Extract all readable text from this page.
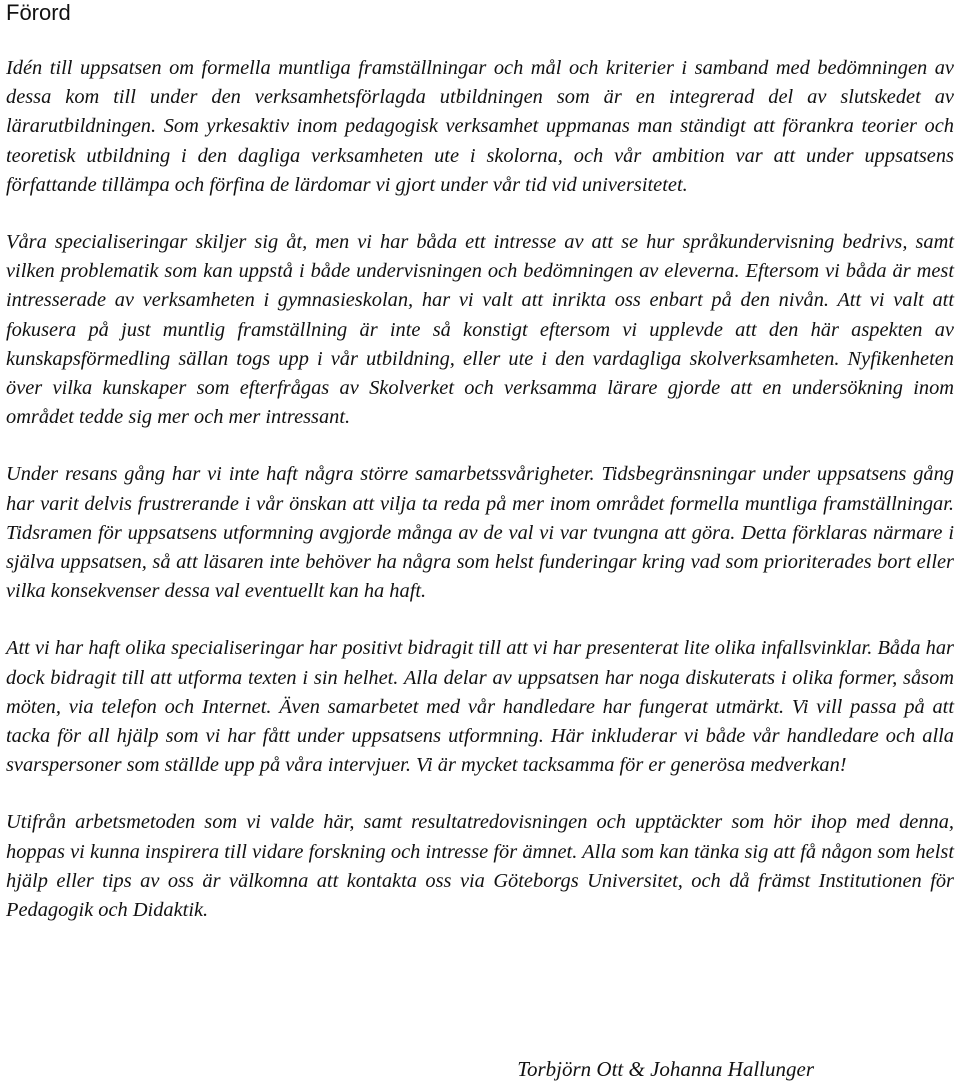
Förord

Idén till uppsatsen om formella muntliga framställningar och mål och kriterier i samband med bedömningen av dessa kom till under den verksamhetsförlagda utbildningen som är en integrerad del av slutskedet av lärarutbildningen. Som yrkesaktiv inom pedagogisk verksamhet uppmanas man ständigt att förankra teorier och teoretisk utbildning i den dagliga verksamheten ute i skolorna, och vår ambition var att under uppsatsens författande tillämpa och förfina de lärdomar vi gjort under vår tid vid universitetet.

Våra specialiseringar skiljer sig åt, men vi har båda ett intresse av att se hur språkundervisning bedrivs, samt vilken problematik som kan uppstå i både undervisningen och bedömningen av eleverna. Eftersom vi båda är mest intresserade av verksamheten i gymnasieskolan, har vi valt att inrikta oss enbart på den nivån. Att vi valt att fokusera på just muntlig framställning är inte så konstigt eftersom vi upplevde att den här aspekten av kunskapsförmedling sällan togs upp i vår utbildning, eller ute i den vardagliga skolverksamheten. Nyfikenheten över vilka kunskaper som efterfrågas av Skolverket och verksamma lärare gjorde att en undersökning inom området tedde sig mer och mer intressant.

Under resans gång har vi inte haft några större samarbetssvårigheter. Tidsbegränsningar under uppsatsens gång har varit delvis frustrerande i vår önskan att vilja ta reda på mer inom området formella muntliga framställningar. Tidsramen för uppsatsens utformning avgjorde många av de val vi var tvungna att göra. Detta förklaras närmare i själva uppsatsen, så att läsaren inte behöver ha några som helst funderingar kring vad som prioriterades bort eller vilka konsekvenser dessa val eventuellt kan ha haft.

Att vi har haft olika specialiseringar har positivt bidragit till att vi har presenterat lite olika infallsvinklar. Båda har dock bidragit till att utforma texten i sin helhet. Alla delar av uppsatsen har noga diskuterats i olika former, såsom möten, via telefon och Internet. Även samarbetet med vår handledare har fungerat utmärkt. Vi vill passa på att tacka för all hjälp som vi har fått under uppsatsens utformning. Här inkluderar vi både vår handledare och alla svarspersoner som ställde upp på våra intervjuer. Vi är mycket tacksamma för er generösa medverkan!

Utifrån arbetsmetoden som vi valde här, samt resultatredovisningen och upptäckter som hör ihop med denna, hoppas vi kunna inspirera till vidare forskning och intresse för ämnet. Alla som kan tänka sig att få någon som helst hjälp eller tips av oss är välkomna att kontakta oss via Göteborgs Universitet, och då främst Institutionen för Pedagogik och Didaktik.

Torbjörn Ott & Johanna Hallunger
